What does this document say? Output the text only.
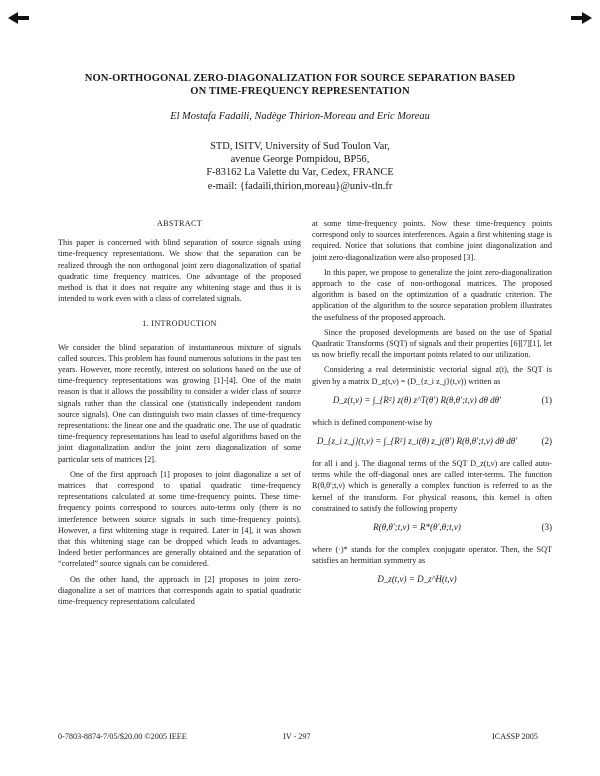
NON-ORTHOGONAL ZERO-DIAGONALIZATION FOR SOURCE SEPARATION BASED
ON TIME-FREQUENCY REPRESENTATION
El Mostafa Fadaili, Nadège Thirion-Moreau and Eric Moreau
STD, ISITV, University of Sud Toulon Var,
avenue George Pompidou, BP56,
F-83162 La Valette du Var, Cedex, FRANCE
e-mail: {fadaili,thirion,moreau}@univ-tln.fr

ABSTRACT

This paper is concerned with blind separation of source signals using time-frequency representations. We show that the separation can be realized through the non orthogonal joint zero diagonalization of spatial quadratic time frequency matrices. One advantage of the proposed method is that it does not require any whitening stage and thus it is intended to work even with a class of correlated signals.

1. INTRODUCTION

We consider the blind separation of instantaneous mixture of signals called sources. This problem has found numerous solutions in the past ten years. However, more recently, interest on solutions based on the use of time-frequency representations was growing [1]-[4]. One of the main reason is that it allows the possibility to consider a wider class of source signals rather than the classical one (statistically independent random source signals). One can distinguish two main classes of time-frequency representations: the linear one and the quadratic one. The use of quadratic time-frequency representations has lead to useful algorithms based on the joint diagonalization and/or the joint zero diagonalization of some particular sets of matrices [2].

One of the first approach [1] proposes to joint diagonalize a set of matrices that correspond to spatial quadratic time-frequency representations calculated at some time-frequency points. These time-frequency points correspond to sources auto-terms only (there is no interference between source signals in such time-frequency points). However, a first whitening stage is required. Later in [4], it was shown that this whitening stage can be dropped which leads to advantages. Indeed better performances are generally obtained and the separation of “correlated” source signals can be considered.

On the other hand, the approach in [2] proposes to joint zero-diagonalize a set of matrices that corresponds again to spatial quadratic time-frequency representations calculated

at some time-frequency points. Now these time-frequency points correspond only to sources interferences. Again a first whitening stage is required. Notice that solutions that combine joint diagonalization and joint zero-diagonalization were also proposed [3].

In this paper, we propose to generalize the joint zero-diagonalization approach to the case of non-orthogonal matrices. The proposed algorithm is based on the optimization of a quadratic criterion. The application of the algorithm to the source separation problem illustrates the usefulness of the proposed approach.

Since the proposed developments are based on the use of Spatial Quadratic Transforms (SQT) of signals and their properties [6][7][1], let us now briefly recall the important points related to our utilization.

Considering a real deterministic vectorial signal z(t), the SQT is given by a matrix D_z(t,ν) = (D_{z_i z_j}(t,ν)) written as

D_z(t,ν) = ∫_{R²} z(θ) z^T(θ′) R(θ,θ′;t,ν) dθ dθ′	(1)

which is defined component-wise by

D_{z_i z_j}(t,ν) = ∫_{R²} z_i(θ) z_j(θ′) R(θ,θ′;t,ν) dθ dθ′	(2)

for all i and j. The diagonal terms of the SQT D_z(t,ν) are called auto-terms while the off-diagonal ones are called inter-terms. The function R(θ,θ′;t,ν) which is generally a complex function is referred to as the kernel of the transform. For physical reasons, this kernel is often constrained to satisfy the following property

R(θ,θ′;t,ν) = R*(θ′,θ;t,ν)	(3)

where (·)* stands for the complex conjugate operator. Then, the SQT satisfies an hermitian symmetry as

D_z(t,ν) = D_z^H(t,ν)
0-7803-8874-7/05/$20.00 ©2005 IEEE	IV - 297	ICASSP 2005
